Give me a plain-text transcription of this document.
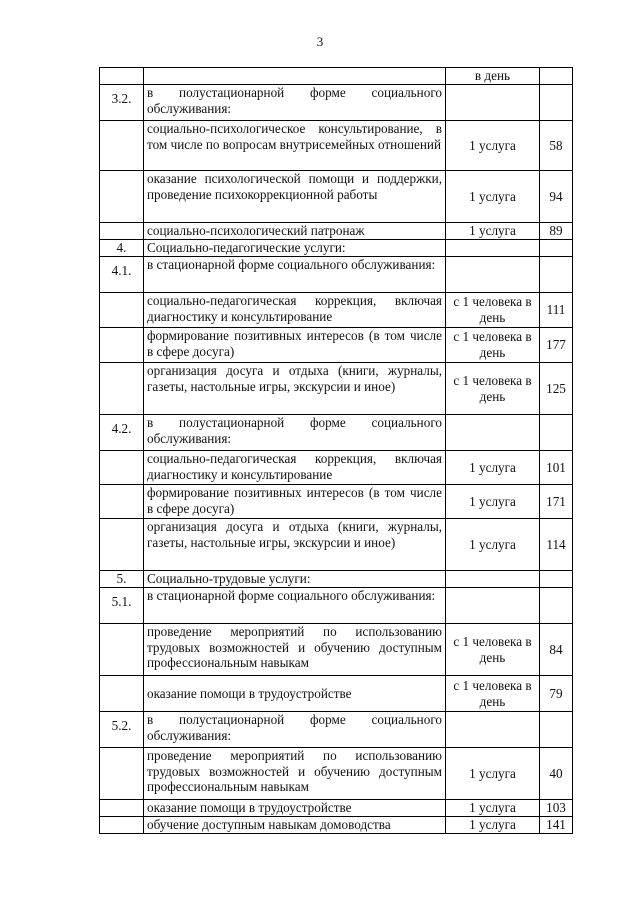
3
		в день	
3.2.	в полустационарной форме социального обслуживания:		
	социально-психологическое консультирование, в том числе по вопросам внутрисемейных отношений	1 услуга	58
	оказание психологической помощи и поддержки, проведение психокоррекционной работы	1 услуга	94
	социально-психологический патронаж	1 услуга	89
4.	Социально-педагогические услуги:		
4.1.	в стационарной форме социального обслуживания:		
	социально-педагогическая коррекция, включая диагностику и консультирование	с 1 человека в день	111
	формирование позитивных интересов (в том числе в сфере досуга)	с 1 человека в день	177
	организация досуга и отдыха (книги, журналы, газеты, настольные игры, экскурсии и иное)	с 1 человека в день	125
4.2.	в полустационарной форме социального обслуживания:		
	социально-педагогическая коррекция, включая диагностику и консультирование	1 услуга	101
	формирование позитивных интересов (в том числе в сфере досуга)	1 услуга	171
	организация досуга и отдыха (книги, журналы, газеты, настольные игры, экскурсии и иное)	1 услуга	114
5.	Социально-трудовые услуги:		
5.1.	в стационарной форме социального обслуживания:		
	проведение мероприятий по использованию трудовых возможностей и обучению доступным профессиональным навыкам	с 1 человека в день	84
	оказание помощи в трудоустройстве	с 1 человека в день	79
5.2.	в полустационарной форме социального обслуживания:		
	проведение мероприятий по использованию трудовых возможностей и обучению доступным профессиональным навыкам	1 услуга	40
	оказание помощи в трудоустройстве	1 услуга	103
	обучение доступным навыкам домоводства	1 услуга	141
